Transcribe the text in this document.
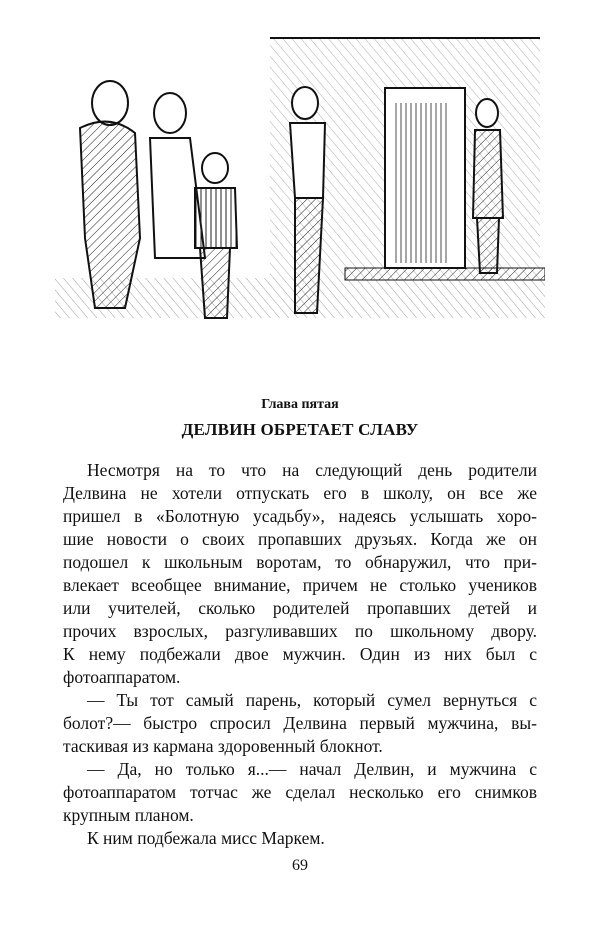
Глава пятая
ДЕЛВИН ОБРЕТАЕТ СЛАВУ
Несмотря на то что на следующий день родители
Делвина не хотели отпускать его в школу, он все же
пришел в «Болотную усадьбу», надеясь услышать хоро-
шие новости о своих пропавших друзьях. Когда же он
подошел к школьным воротам, то обнаружил, что при-
влекает всеобщее внимание, причем не столько учеников
или учителей, сколько родителей пропавших детей и
прочих взрослых, разгуливавших по школьному двору.
К нему подбежали двое мужчин. Один из них был с
фотоаппаратом.
— Ты тот самый парень, который сумел вернуться с
болот?— быстро спросил Делвина первый мужчина, вы-
таскивая из кармана здоровенный блокнот.
— Да, но только я...— начал Делвин, и мужчина с
фотоаппаратом тотчас же сделал несколько его снимков
крупным планом.
К ним подбежала мисс Маркем.
69
